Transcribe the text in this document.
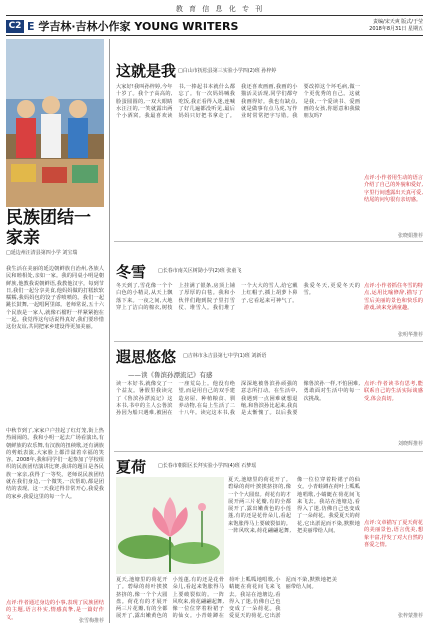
教 育 信 息 化 专 刊
C2 E 学吉林·吉林小作家 YOUNG WRITERS	责编/宋天爽 版式/于莹
2018年8月31日 星期五
民族团结一家亲
□延边州汪清县第四小学 刘宝瑞
我生活在美丽的延边朝鲜族自治州,各族人民和睦相处,亲如一家。我的同桌小明是朝鲜族,他教我说朝鲜语,我教他汉字。每到节日,我们一起分享美食,他妈妈做的打糕软软糯糯,我妈妈包的饺子香喷喷的。我们一起跳长鼓舞,一起唱阿里郎。老师常说,五十六个民族是一家人,就像石榴籽一样紧紧抱在一起。我觉得这句话说得真好,我们要珍惜这份友谊,共同把家乡建设得更加美丽。
中秋节到了,家家户户挂起了红灯笼,街上热热闹闹的。我和小明一起去广场看演出,有朝鲜族的农乐舞,有汉族的扭秧歌,还有满族的剪纸表演,大家脸上都洋溢着幸福的笑容。2008年,我和同学们一起参加了学校组织的民族团结演讲比赛,我讲的题目是各民族一家亲,获得了一等奖。老师说民族团结就在我们身边,一个微笑,一次帮助,都是团结的表现。这一天我过得非常开心,我爱我的家乡,我爱这里的每一个人。
点评:作者通过身边的小事,表现了民族团结的主题,语言朴实,情感真挚,是一篇好作文。
张雪梅推荐
这就是我 □白山市抚松县第三实验小学四(2)班 孙梓婷
大家好!我叫孙梓婷,今年十岁了。我个子高高的,脸蛋圆圆的,一双大眼睛水汪汪的,一笑就露出两个小酒窝。我最喜欢读书,一捧起书本就什么都忘了。有一次妈妈喊我吃饭,我正看得入迷,连喊了好几遍都没听见,最后妈妈只好把书拿走了。我还喜欢画画,我画的小猫活灵活现,同学们都夸我画得好。我也有缺点,就是做事有点马虎,写作业时常常把字写错。我要改掉这个坏毛病,做一个更优秀的自己。这就是我,一个爱读书、爱画画的女孩,你愿意和我做朋友吗?
点评:小作者用生动的语言介绍了自己的外貌和爱好,字里行间透露出天真可爱,结尾的问句很有亲切感。
张晓娟推荐
冬雪 □长春市南关区树勋小学(2)班 张童飞
冬天到了,雪花像一个个白色的小精灵,从天上飘落下来。一夜之间,大地穿上了洁白的棉衣,树枝上挂满了银条,房顶上铺了厚厚的白毯。我和小伙伴们跑到院子里打雪仗、堆雪人。我们堆了一个大大的雪人,给它戴上红帽子,插上胡萝卜鼻子,它看起来可神气了。我爱冬天,更爱冬天的雪。
点评:小作者抓住冬雪的特点,运用比喻修辞,描写了雪后美丽的景色和快乐的游戏,读来充满童趣。
张明华推荐
遐思悠悠 □吉林市永吉县第七中学(1)班 刘新语
——读《鲁滨孙漂流记》有感
读一本好书,就像交了一个益友。暑假里我读完了《鲁滨孙漂流记》这本书,书中的主人公鲁滨孙因为船只遇难,被困在一座荒岛上。他没有绝望,而是用自己的双手建造房屋、种植粮食、驯养动物,在岛上生活了二十八年。读完这本书,我深深地被鲁滨孙顽强的意志所打动。在生活中,我遇到一点困难就想退缩,和鲁滨孙比起来,我真是太惭愧了。以后我要像鲁滨孙一样,不怕困难,勇敢面对生活中的每一次挑战。
点评:作者读书有思考,能联系自己的生活实际谈感受,体会真切。
刘晓辉推荐
夏荷 □长春市朝阳区长拜实验小学四(4)班 石梦瑶
夏天,池塘里的荷花开了。碧绿的荷叶挨挨挤挤的,像一个个大圆盘。荷花有的才展开两三片花瓣,有的全都展开了,露出嫩黄色的小莲蓬,有的还是花骨朵儿,看起来饱胀得马上要破裂似的。一阵风吹来,荷花翩翩起舞,像一位位穿着粉裙子的仙女。小青蛙蹲在荷叶上呱呱地唱歌,小蜻蜓在荷花间飞来飞去。我站在池塘边,看得入了迷,仿佛自己也变成了一朵荷花。我爱夏天的荷花,它出淤泥而不染,默默地把美丽带给人间。
夏天,池塘里的荷花开了。碧绿的荷叶挨挨挤挤的,像一个个大圆盘。荷花有的才展开两三片花瓣,有的全都展开了,露出嫩黄色的小莲蓬,有的还是花骨朵儿,看起来饱胀得马上要破裂似的。一阵风吹来,荷花翩翩起舞,像一位位穿着粉裙子的仙女。小青蛙蹲在荷叶上呱呱地唱歌,小蜻蜓在荷花间飞来飞去。我站在池塘边,看得入了迷,仿佛自己也变成了一朵荷花。我爱夏天的荷花,它出淤泥而不染,默默地把美丽带给人间。
点评:文章描写了夏天荷花的美丽景色,语言优美,想象丰富,抒发了对大自然的喜爱之情。
张梓蒙推荐
